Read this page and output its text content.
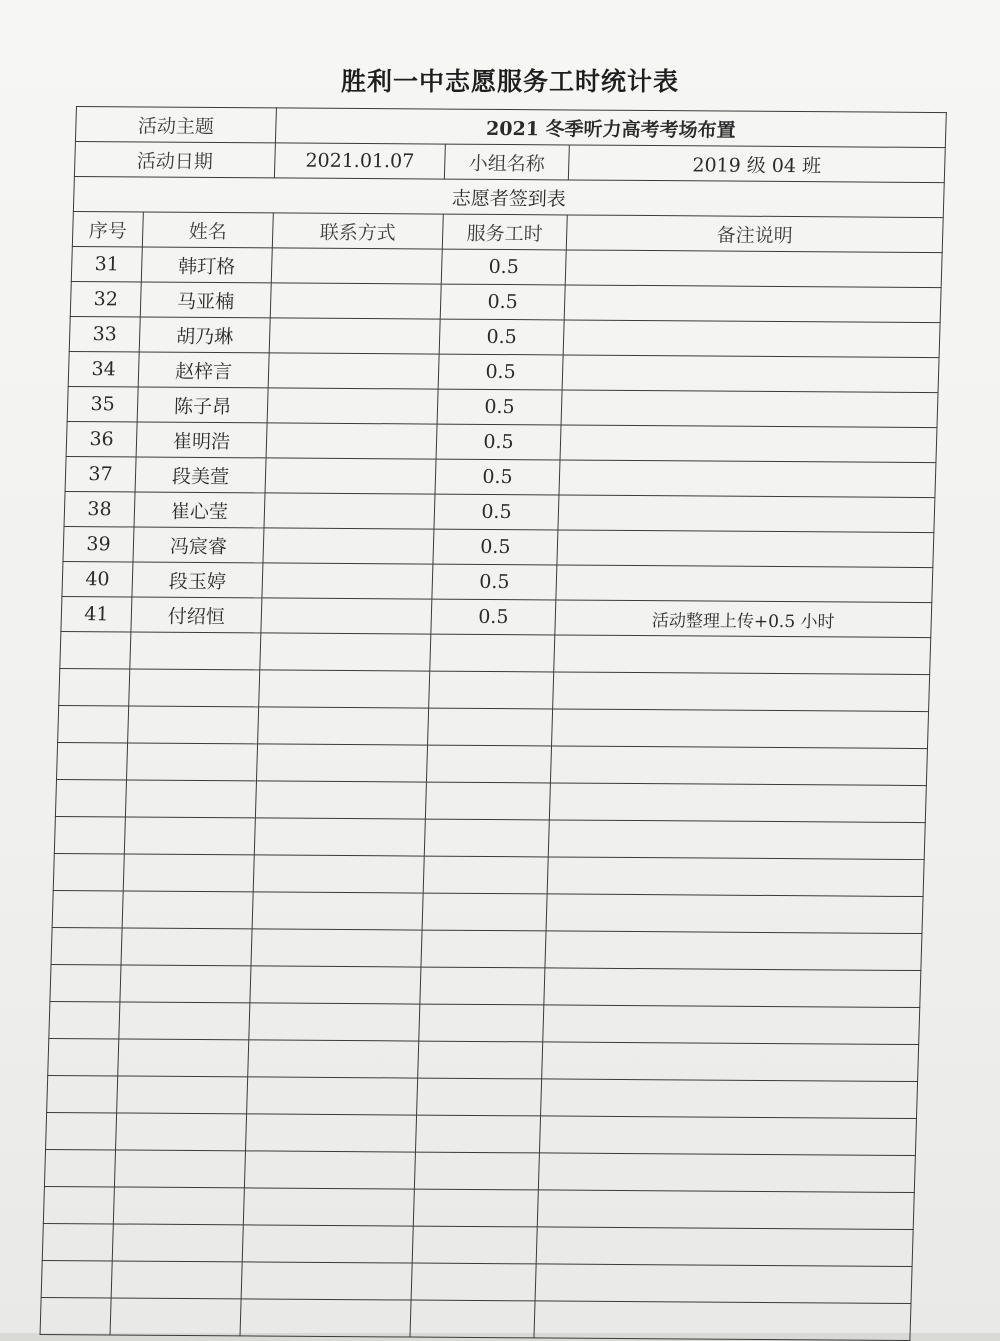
胜利一中志愿服务工时统计表
活动主题		2021 冬季听力高考考场布置		
活动日期		2021.01.07	小组名称	2019 级 04 班
志愿者签到表				
序号	姓名	联系方式	服务工时	备注说明
31	韩玎格		0.5	
32	马亚楠		0.5	
33	胡乃琳		0.5	
34	赵梓言		0.5	
35	陈子昂		0.5	
36	崔明浩		0.5	
37	段美萱		0.5	
38	崔心莹		0.5	
39	冯宸睿		0.5	
40	段玉婷		0.5	
41	付绍恒		0.5	活动整理上传+0.5 小时
